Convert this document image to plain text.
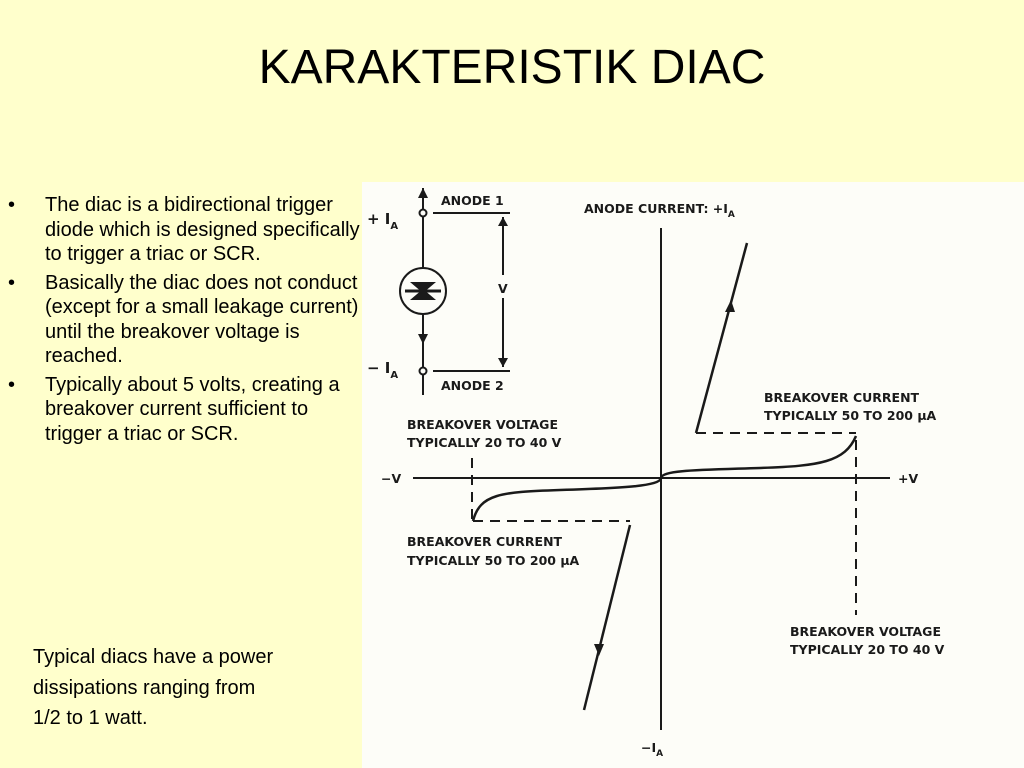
KARAKTERISTIK DIAC
• The diac is a bidirectional trigger diode which is designed specifically to trigger a triac or SCR.
• Basically the diac does not conduct (except for a small leakage current) until the breakover voltage is reached.
• Typically about 5 volts, creating a breakover current sufficient to trigger a triac or SCR.
Typical diacs have a power dissipations ranging from 1/2 to 1 watt.
ANODE 1
ANODE 2
+ $I_A$
− $I_A$
V
ANODE CURRENT: $+I_A$
$-I_A$
−V	+V
BREAKOVER VOLTAGE
TYPICALLY 20 TO 40 V
BREAKOVER CURRENT
TYPICALLY 50 TO 200 μA
BREAKOVER CURRENT
TYPICALLY 50 TO 200 μA
BREAKOVER VOLTAGE
TYPICALLY 20 TO 40 V
